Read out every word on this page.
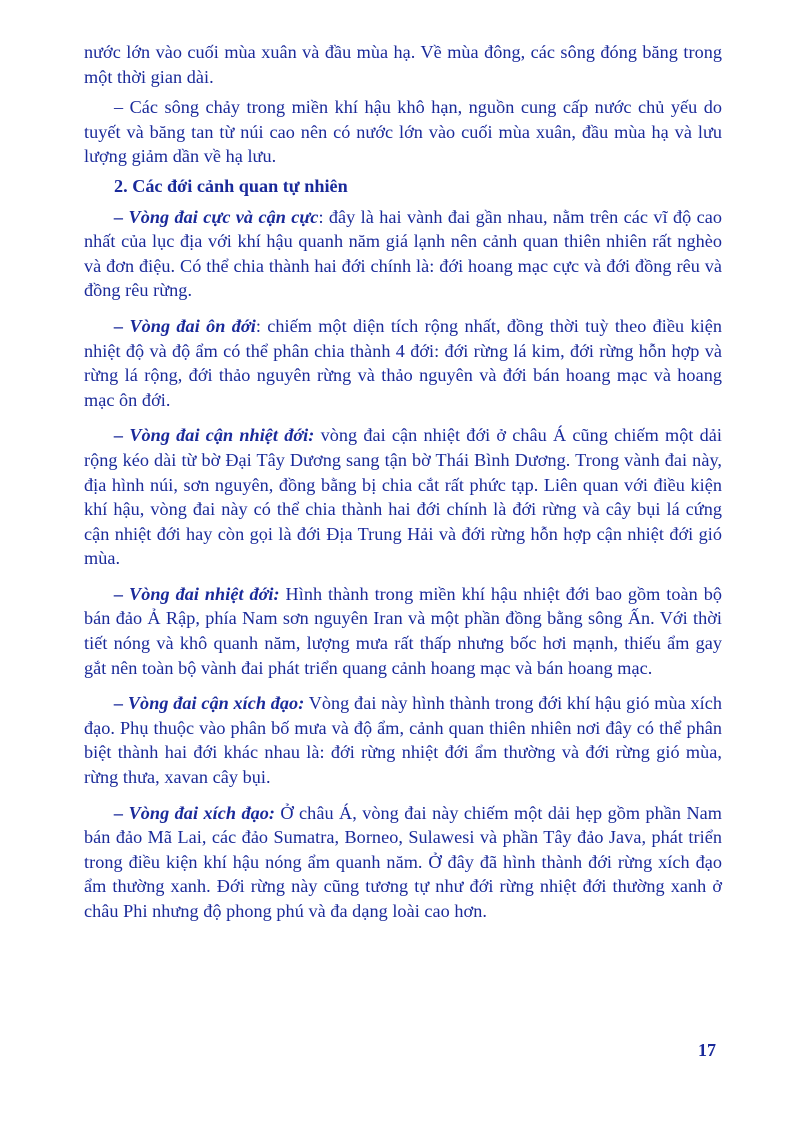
nước lớn vào cuối mùa xuân và đầu mùa hạ. Về mùa đông, các sông đóng băng trong một thời gian dài.

– Các sông chảy trong miền khí hậu khô hạn, nguồn cung cấp nước chủ yếu do tuyết và băng tan từ núi cao nên có nước lớn vào cuối mùa xuân, đầu mùa hạ và lưu lượng giảm dần về hạ lưu.

2. Các đới cảnh quan tự nhiên

– Vòng đai cực và cận cực: đây là hai vành đai gần nhau, nằm trên các vĩ độ cao nhất của lục địa với khí hậu quanh năm giá lạnh nên cảnh quan thiên nhiên rất nghèo và đơn điệu. Có thể chia thành hai đới chính là: đới hoang mạc cực và đới đồng rêu và đồng rêu rừng.

– Vòng đai ôn đới: chiếm một diện tích rộng nhất, đồng thời tuỳ theo điều kiện nhiệt độ và độ ẩm có thể phân chia thành 4 đới: đới rừng lá kim, đới rừng hỗn hợp và rừng lá rộng, đới thảo nguyên rừng và thảo nguyên và đới bán hoang mạc và hoang mạc ôn đới.

– Vòng đai cận nhiệt đới: vòng đai cận nhiệt đới ở châu Á cũng chiếm một dải rộng kéo dài từ bờ Đại Tây Dương sang tận bờ Thái Bình Dương. Trong vành đai này, địa hình núi, sơn nguyên, đồng bằng bị chia cắt rất phức tạp. Liên quan với điều kiện khí hậu, vòng đai này có thể chia thành hai đới chính là đới rừng và cây bụi lá cứng cận nhiệt đới hay còn gọi là đới Địa Trung Hải và đới rừng hỗn hợp cận nhiệt đới gió mùa.

– Vòng đai nhiệt đới: Hình thành trong miền khí hậu nhiệt đới bao gồm toàn bộ bán đảo Ả Rập, phía Nam sơn nguyên Iran và một phần đồng bằng sông Ấn. Với thời tiết nóng và khô quanh năm, lượng mưa rất thấp nhưng bốc hơi mạnh, thiếu ẩm gay gắt nên toàn bộ vành đai phát triển quang cảnh hoang mạc và bán hoang mạc.

– Vòng đai cận xích đạo: Vòng đai này hình thành trong đới khí hậu gió mùa xích đạo. Phụ thuộc vào phân bố mưa và độ ẩm, cảnh quan thiên nhiên nơi đây có thể phân biệt thành hai đới khác nhau là: đới rừng nhiệt đới ẩm thường và đới rừng gió mùa, rừng thưa, xavan cây bụi.

– Vòng đai xích đạo: Ở châu Á, vòng đai này chiếm một dải hẹp gồm phần Nam bán đảo Mã Lai, các đảo Sumatra, Borneo, Sulawesi và phần Tây đảo Java, phát triển trong điều kiện khí hậu nóng ẩm quanh năm. Ở đây đã hình thành đới rừng xích đạo ẩm thường xanh. Đới rừng này cũng tương tự như đới rừng nhiệt đới thường xanh ở châu Phi nhưng độ phong phú và đa dạng loài cao hơn.

17
